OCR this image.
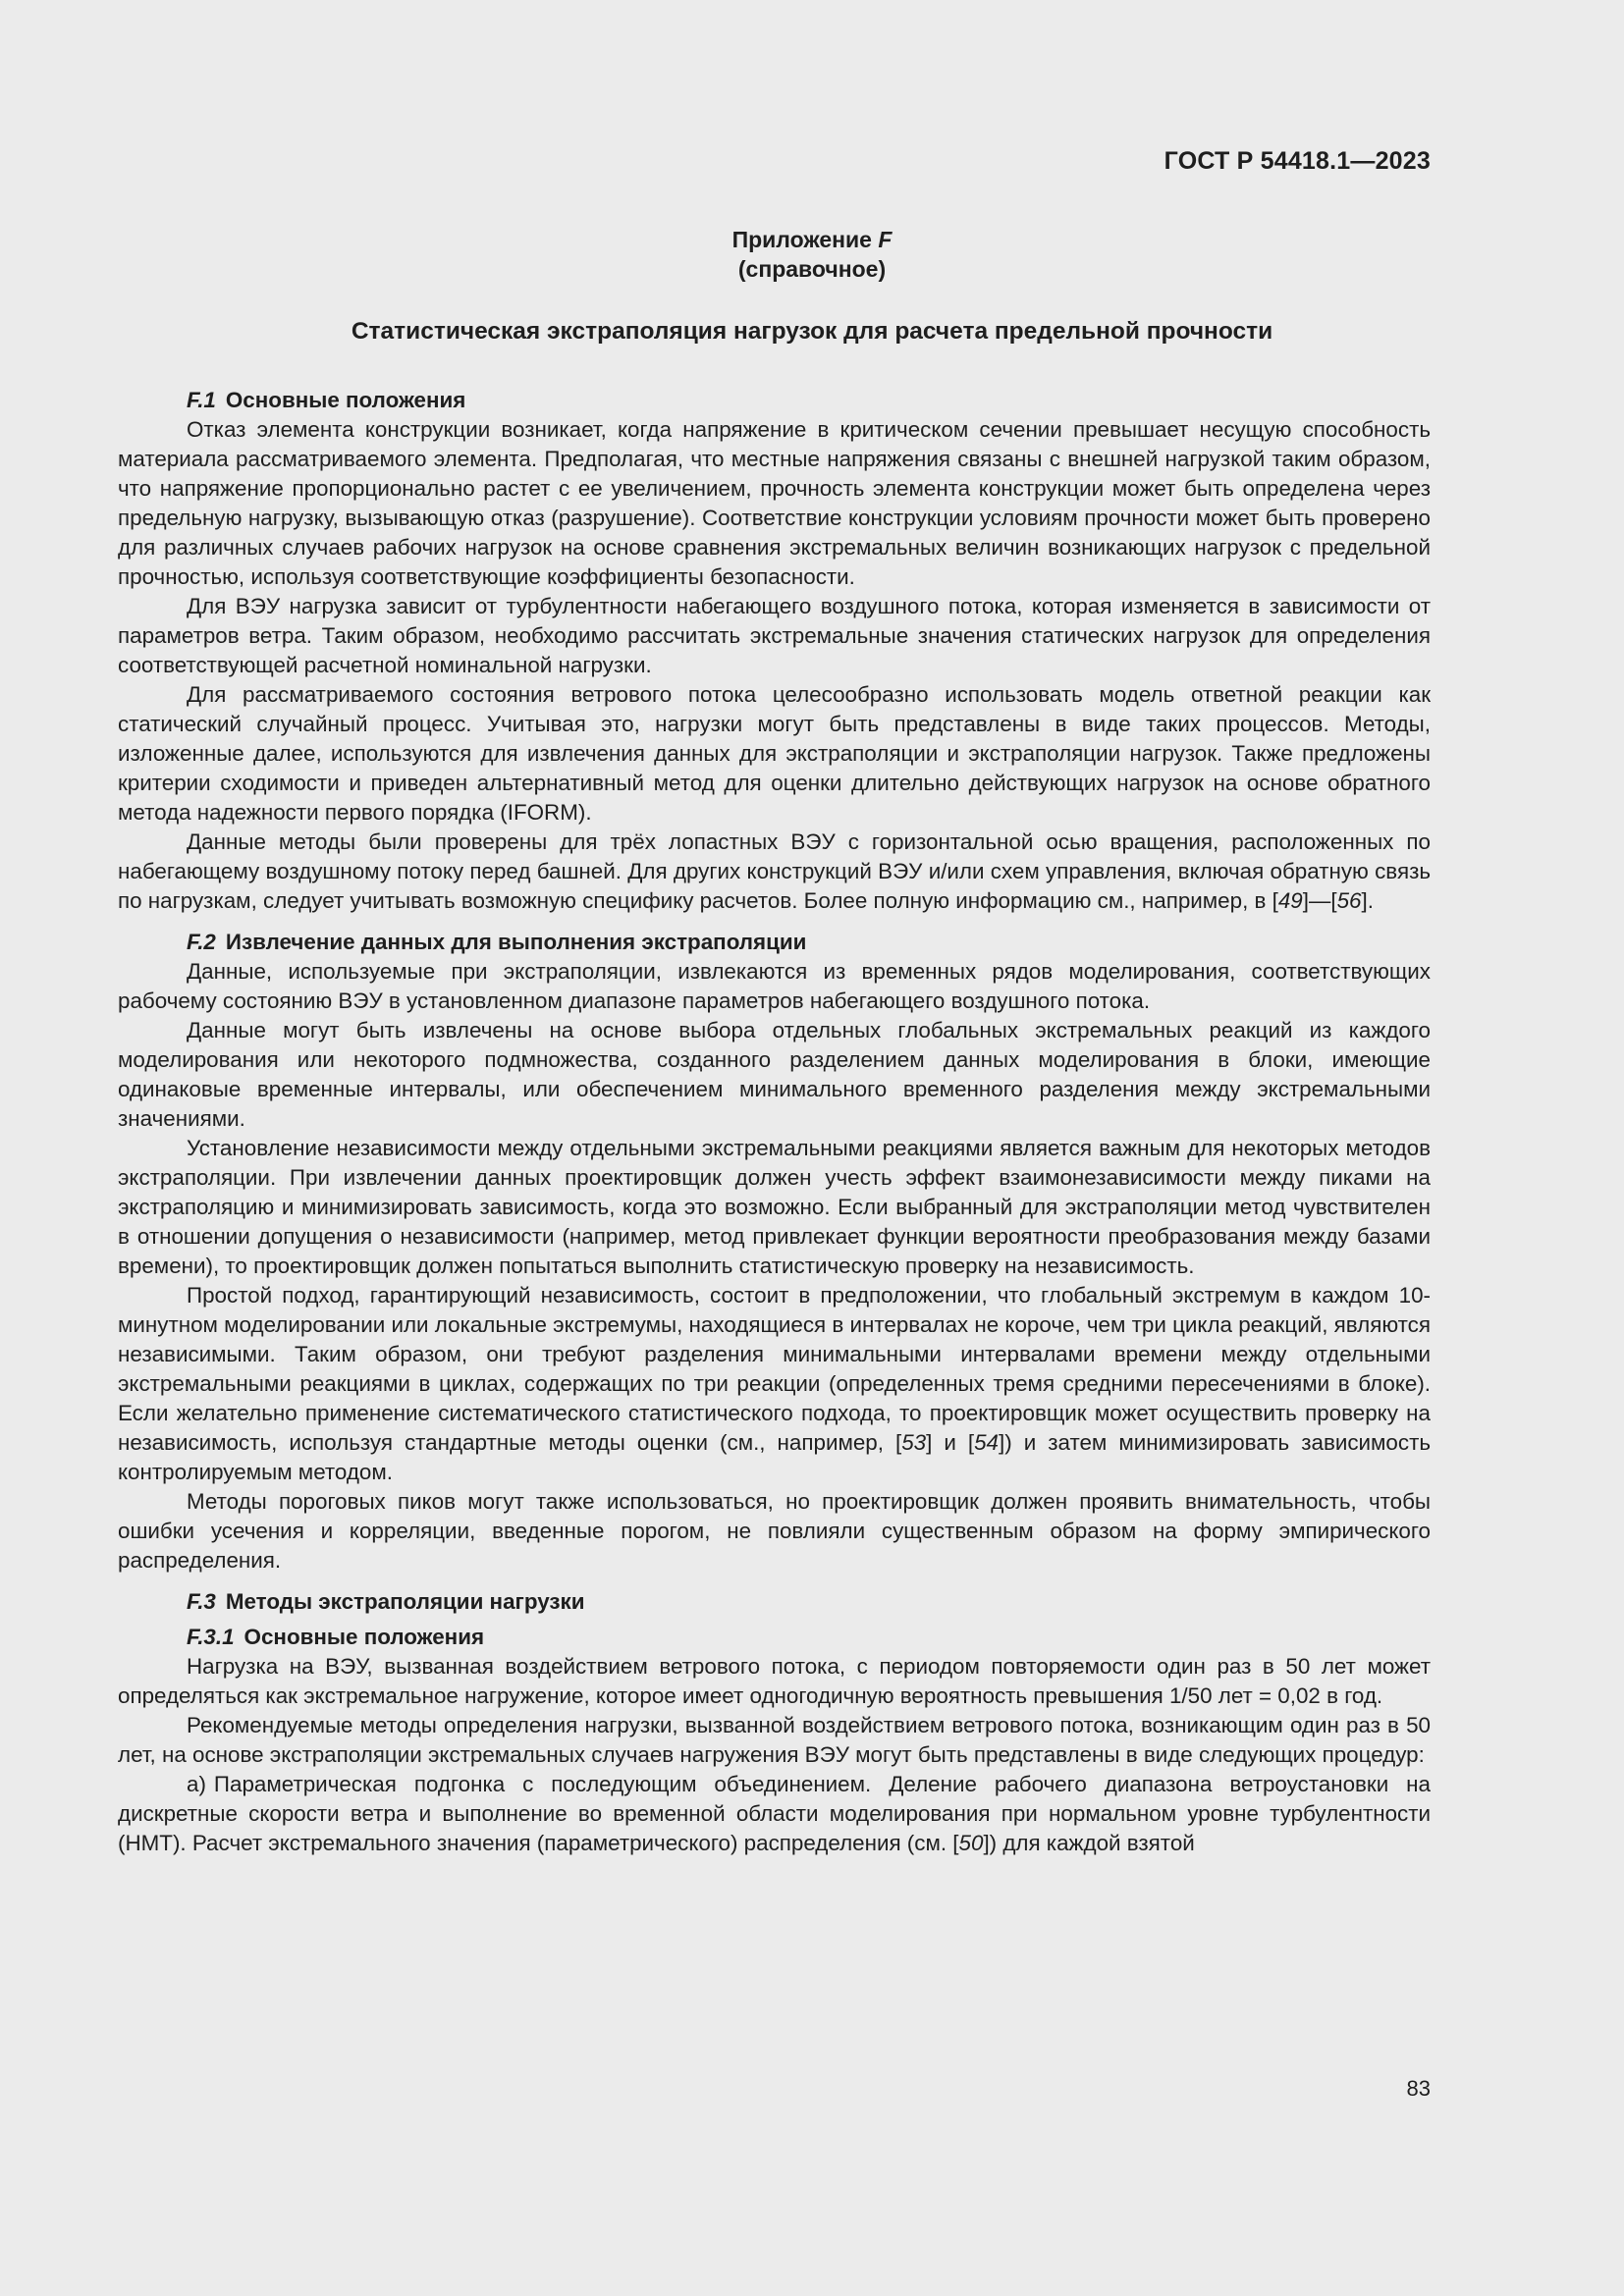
ГОСТ Р 54418.1—2023
Приложение F
(справочное)
Статистическая экстраполяция нагрузок для расчета предельной прочности
F.1 Основные положения

Отказ элемента конструкции возникает, когда напряжение в критическом сечении превышает несущую способность материала рассматриваемого элемента. Предполагая, что местные напряжения связаны с внешней нагрузкой таким образом, что напряжение пропорционально растет с ее увеличением, прочность элемента конструкции может быть определена через предельную нагрузку, вызывающую отказ (разрушение). Соответствие конструкции условиям прочности может быть проверено для различных случаев рабочих нагрузок на основе сравнения экстремальных величин возникающих нагрузок с предельной прочностью, используя соответствующие коэффициенты безопасности.

Для ВЭУ нагрузка зависит от турбулентности набегающего воздушного потока, которая изменяется в зависимости от параметров ветра. Таким образом, необходимо рассчитать экстремальные значения статических нагрузок для определения соответствующей расчетной номинальной нагрузки.

Для рассматриваемого состояния ветрового потока целесообразно использовать модель ответной реакции как статический случайный процесс. Учитывая это, нагрузки могут быть представлены в виде таких процессов. Методы, изложенные далее, используются для извлечения данных для экстраполяции и экстраполяции нагрузок. Также предложены критерии сходимости и приведен альтернативный метод для оценки длительно действующих нагрузок на основе обратного метода надежности первого порядка (IFORM).

Данные методы были проверены для трёх лопастных ВЭУ с горизонтальной осью вращения, расположенных по набегающему воздушному потоку перед башней. Для других конструкций ВЭУ и/или схем управления, включая обратную связь по нагрузкам, следует учитывать возможную специфику расчетов. Более полную информацию см., например, в [49]—[56].

F.2 Извлечение данных для выполнения экстраполяции

Данные, используемые при экстраполяции, извлекаются из временных рядов моделирования, соответствующих рабочему состоянию ВЭУ в установленном диапазоне параметров набегающего воздушного потока.

Данные могут быть извлечены на основе выбора отдельных глобальных экстремальных реакций из каждого моделирования или некоторого подмножества, созданного разделением данных моделирования в блоки, имеющие одинаковые временные интервалы, или обеспечением минимального временного разделения между экстремальными значениями.

Установление независимости между отдельными экстремальными реакциями является важным для некоторых методов экстраполяции. При извлечении данных проектировщик должен учесть эффект взаимонезависимости между пиками на экстраполяцию и минимизировать зависимость, когда это возможно. Если выбранный для экстраполяции метод чувствителен в отношении допущения о независимости (например, метод привлекает функции вероятности преобразования между базами времени), то проектировщик должен попытаться выполнить статистическую проверку на независимость.

Простой подход, гарантирующий независимость, состоит в предположении, что глобальный экстремум в каждом 10-минутном моделировании или локальные экстремумы, находящиеся в интервалах не короче, чем три цикла реакций, являются независимыми. Таким образом, они требуют разделения минимальными интервалами времени между отдельными экстремальными реакциями в циклах, содержащих по три реакции (определенных тремя средними пересечениями в блоке). Если желательно применение систематического статистического подхода, то проектировщик может осуществить проверку на независимость, используя стандартные методы оценки (см., например, [53] и [54]) и затем минимизировать зависимость контролируемым методом.

Методы пороговых пиков могут также использоваться, но проектировщик должен проявить внимательность, чтобы ошибки усечения и корреляции, введенные порогом, не повлияли существенным образом на форму эмпирического распределения.

F.3 Методы экстраполяции нагрузки
F.3.1 Основные положения

Нагрузка на ВЭУ, вызванная воздействием ветрового потока, с периодом повторяемости один раз в 50 лет может определяться как экстремальное нагружение, которое имеет одногодичную вероятность превышения 1/50 лет = 0,02 в год.

Рекомендуемые методы определения нагрузки, вызванной воздействием ветрового потока, возникающим один раз в 50 лет, на основе экстраполяции экстремальных случаев нагружения ВЭУ могут быть представлены в виде следующих процедур:

а) Параметрическая подгонка с последующим объединением. Деление рабочего диапазона ветроустановки на дискретные скорости ветра и выполнение во временной области моделирования при нормальном уровне турбулентности (НМТ). Расчет экстремального значения (параметрического) распределения (см. [50]) для каждой взятой

83
